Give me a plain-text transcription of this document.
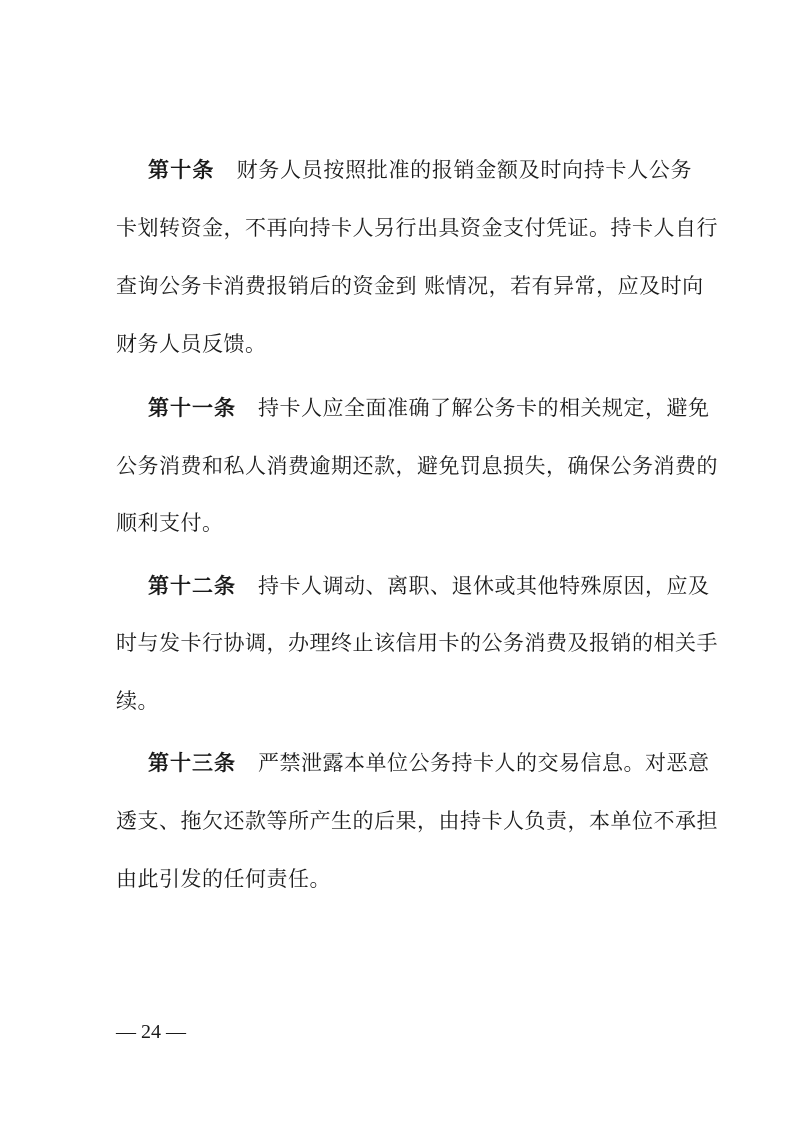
第十条 财务人员按照批准的报销金额及时向持卡人公务
卡划转资金，不再向持卡人另行出具资金支付凭证。持卡人自行
查询公务卡消费报销后的资金到 账情况，若有异常，应及时向
财务人员反馈。
第十一条 持卡人应全面准确了解公务卡的相关规定，避免
公务消费和私人消费逾期还款，避免罚息损失，确保公务消费的
顺利支付。
第十二条 持卡人调动、离职、退休或其他特殊原因，应及
时与发卡行协调，办理终止该信用卡的公务消费及报销的相关手
续。
第十三条 严禁泄露本单位公务持卡人的交易信息。对恶意
透支、拖欠还款等所产生的后果，由持卡人负责，本单位不承担
由此引发的任何责任。
— 24 —
